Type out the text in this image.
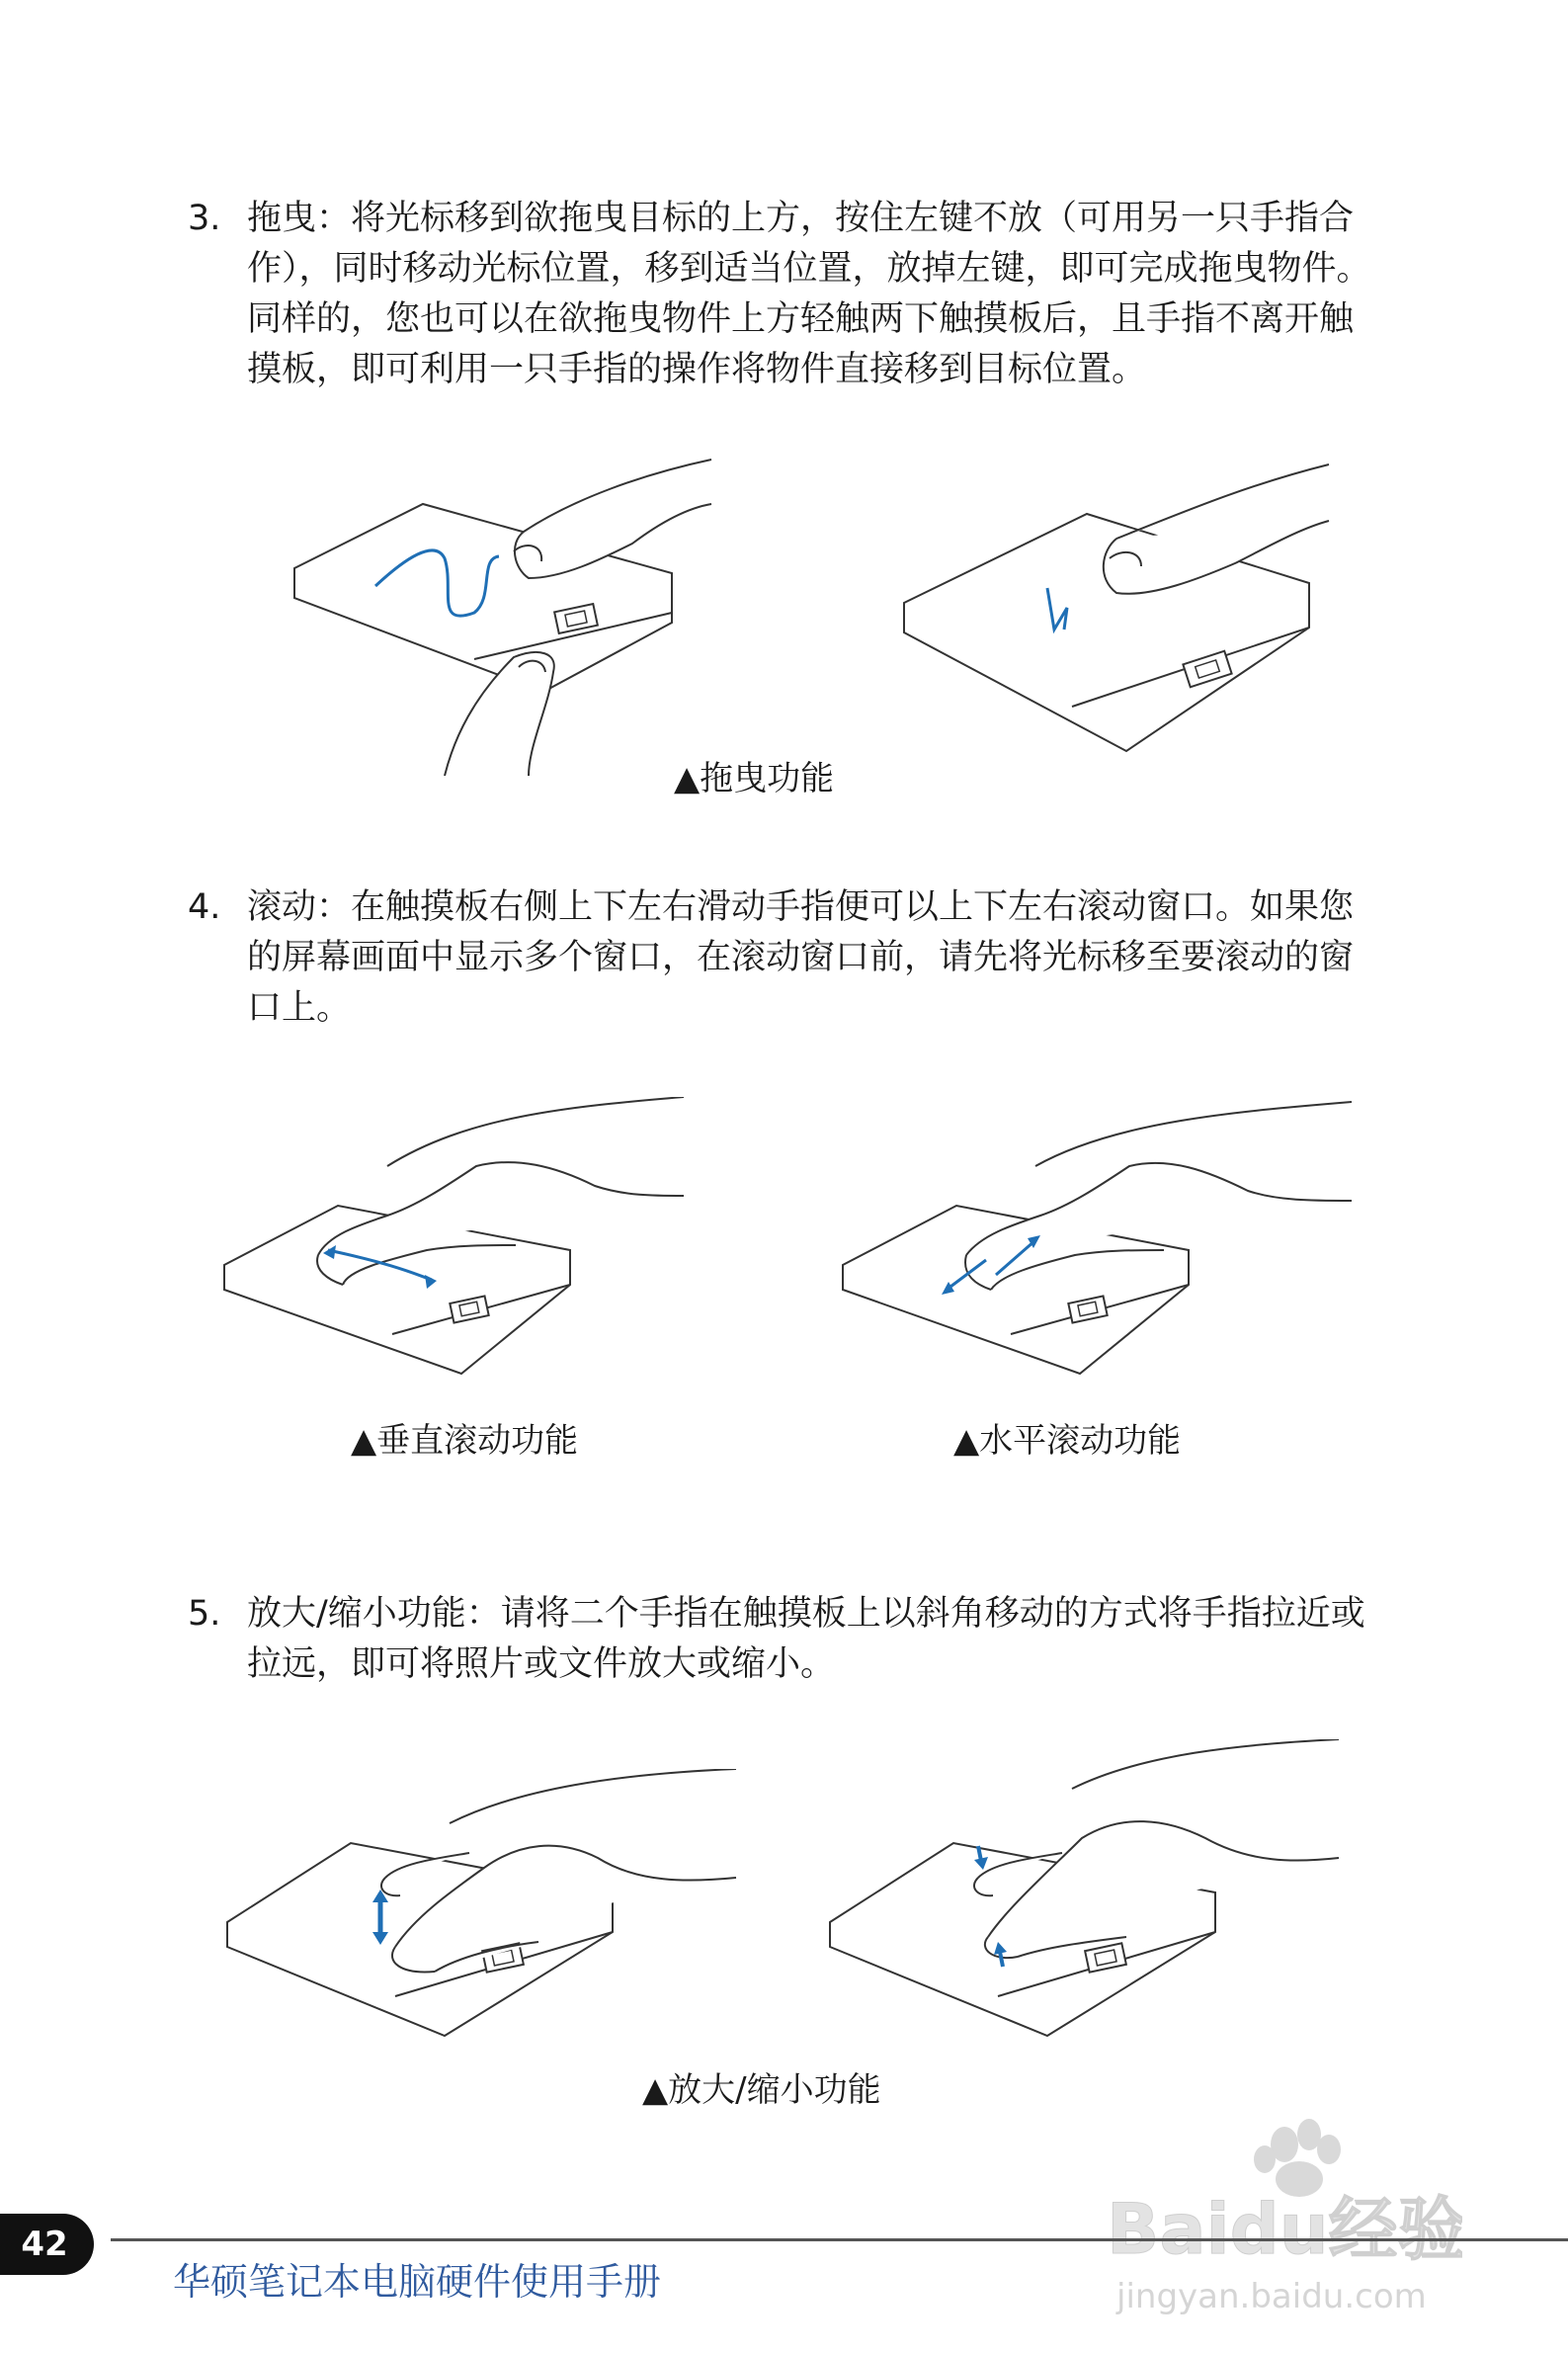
3. 拖曳：将光标移到欲拖曳目标的上方，按住左键不放（可用另一只手指合作），同时移动光标位置，移到适当位置，放掉左键，即可完成拖曳物件。同样的，您也可以在欲拖曳物件上方轻触两下触摸板后，且手指不离开触摸板，即可利用一只手指的操作将物件直接移到目标位置。
▲拖曳功能
4. 滚动：在触摸板右侧上下左右滑动手指便可以上下左右滚动窗口。如果您的屏幕画面中显示多个窗口，在滚动窗口前，请先将光标移至要滚动的窗口上。
▲垂直滚动功能	▲水平滚动功能
5. 放大/缩小功能：请将二个手指在触摸板上以斜角移动的方式将手指拉近或拉远，即可将照片或文件放大或缩小。
▲放大/缩小功能
Baidu经验
jingyan.baidu.com
42
华硕笔记本电脑硬件使用手册
